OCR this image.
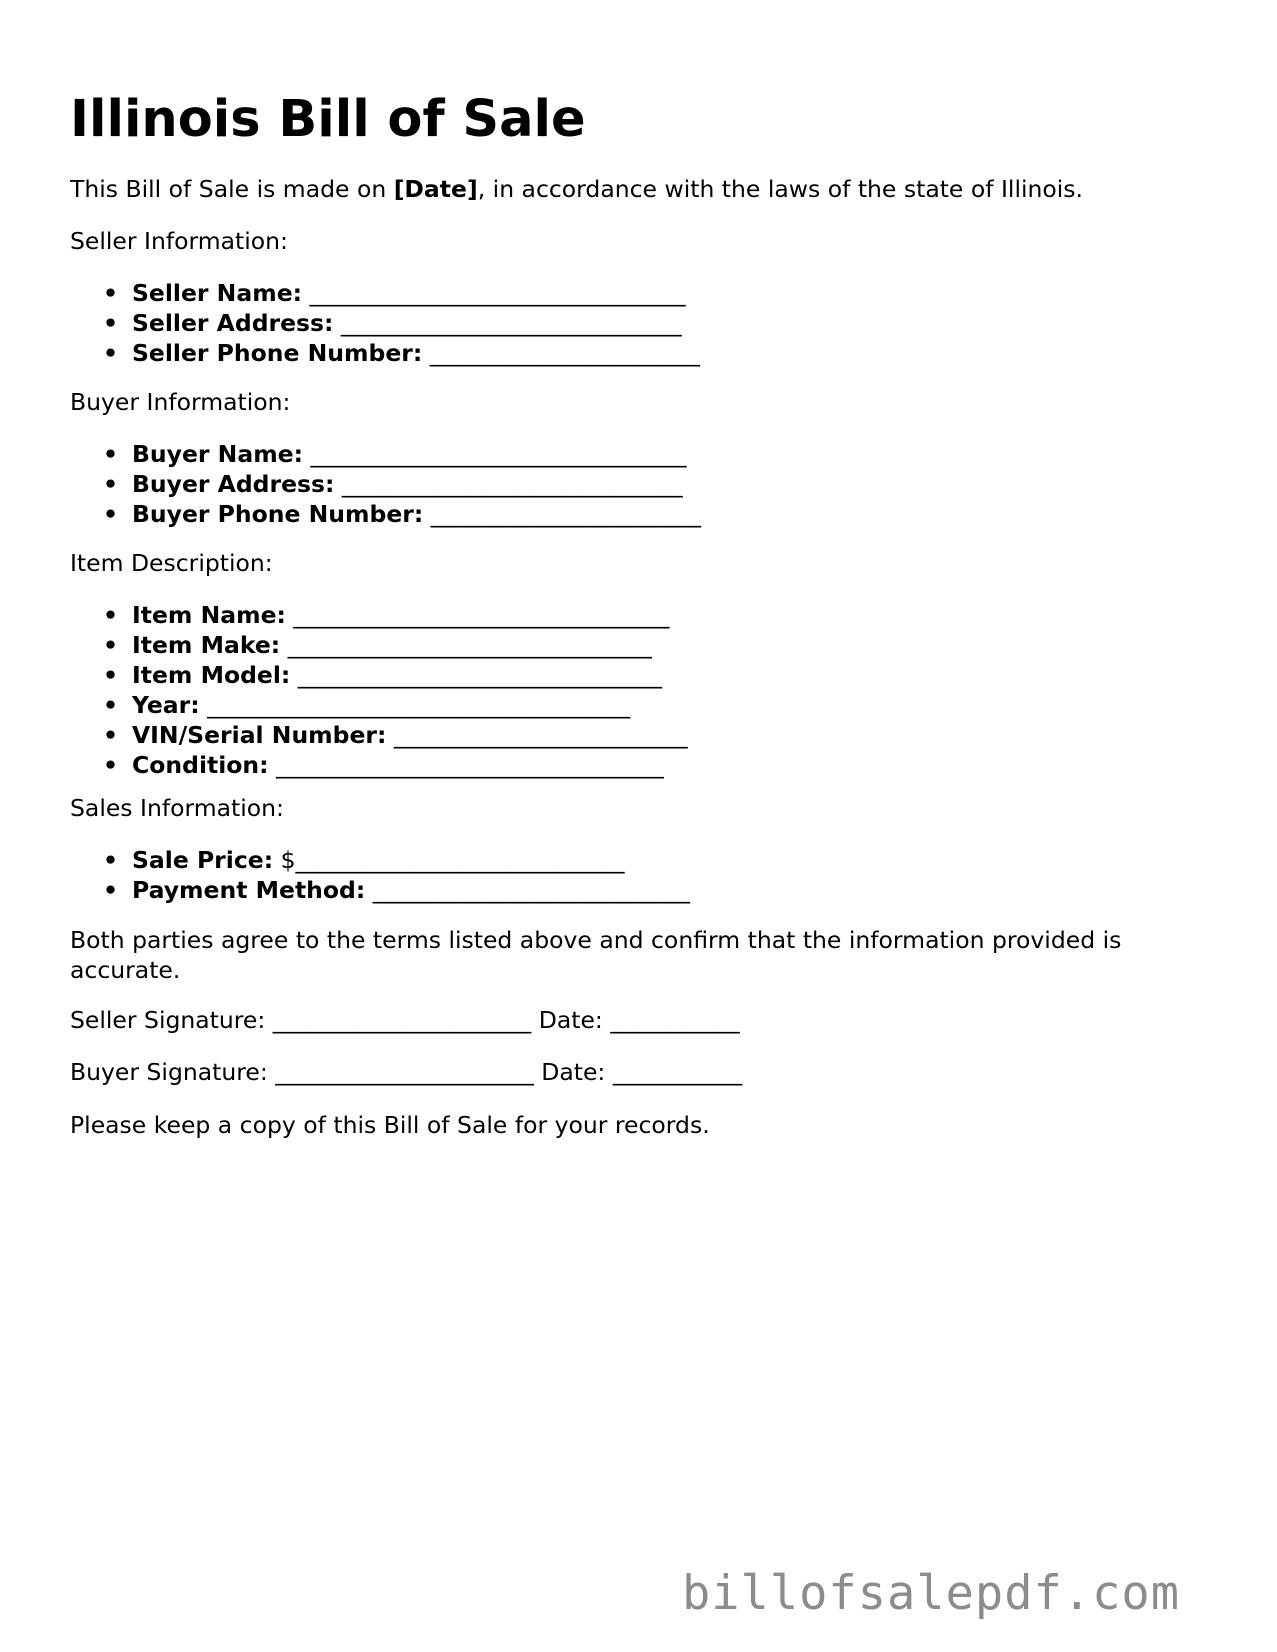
Illinois Bill of Sale

This Bill of Sale is made on [Date], in accordance with the laws of the state of Illinois.

Seller Information:

• Seller Name: ________________________________
• Seller Address: _____________________________
• Seller Phone Number: _______________________

Buyer Information:

• Buyer Name: ________________________________
• Buyer Address: _____________________________
• Buyer Phone Number: _______________________

Item Description:

• Item Name: ________________________________
• Item Make: _______________________________
• Item Model: _______________________________
• Year: ____________________________________
• VIN/Serial Number: _________________________
• Condition: _________________________________

Sales Information:

• Sale Price: $____________________________
• Payment Method: ___________________________

Both parties agree to the terms listed above and confirm that the information provided is accurate.

Seller Signature: ______________________ Date: ___________

Buyer Signature: ______________________ Date: ___________

Please keep a copy of this Bill of Sale for your records.

billofsalepdf.com
